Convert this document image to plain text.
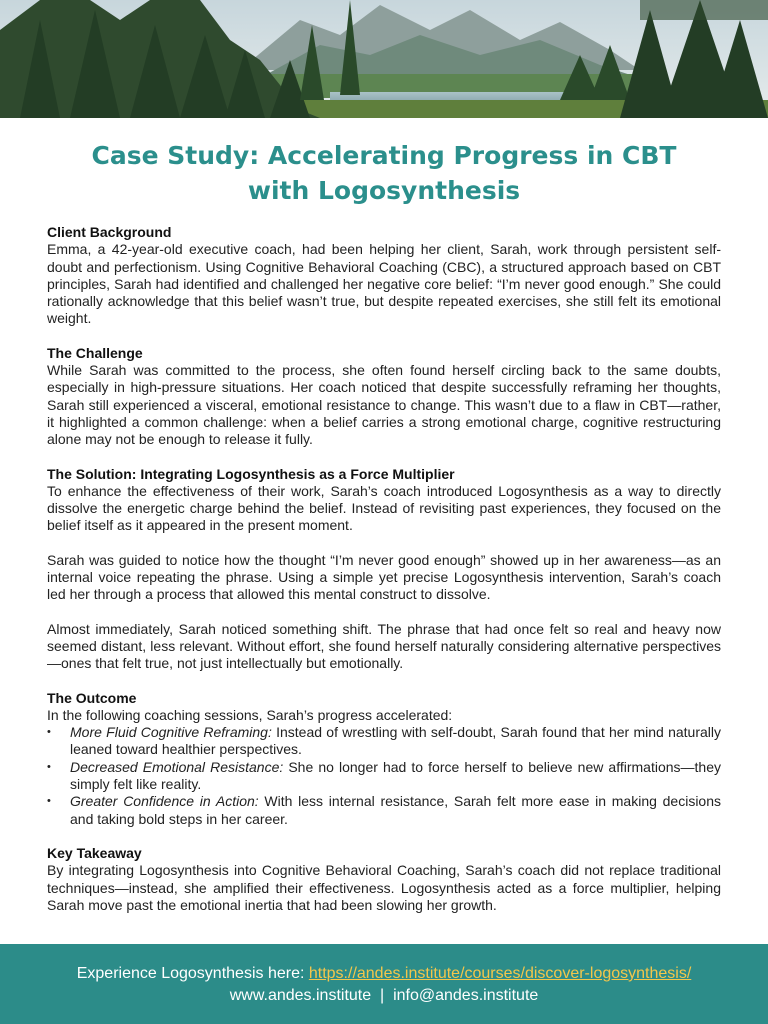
Case Study: Accelerating Progress in CBT
with Logosynthesis
Client Background

Emma, a 42-year-old executive coach, had been helping her client, Sarah, work through persistent self-doubt and perfectionism. Using Cognitive Behavioral Coaching (CBC), a structured approach based on CBT principles, Sarah had identified and challenged her negative core belief: “I’m never good enough.” She could rationally acknowledge that this belief wasn’t true, but despite repeated exercises, she still felt its emotional weight.

The Challenge

While Sarah was committed to the process, she often found herself circling back to the same doubts, especially in high-pressure situations. Her coach noticed that despite successfully reframing her thoughts, Sarah still experienced a visceral, emotional resistance to change. This wasn’t due to a flaw in CBT—rather, it highlighted a common challenge: when a belief carries a strong emotional charge, cognitive restructuring alone may not be enough to release it fully.

The Solution: Integrating Logosynthesis as a Force Multiplier

To enhance the effectiveness of their work, Sarah’s coach introduced Logosynthesis as a way to directly dissolve the energetic charge behind the belief. Instead of revisiting past experiences, they focused on the belief itself as it appeared in the present moment.

Sarah was guided to notice how the thought “I’m never good enough” showed up in her awareness—as an internal voice repeating the phrase. Using a simple yet precise Logosynthesis intervention, Sarah’s coach led her through a process that allowed this mental construct to dissolve.

Almost immediately, Sarah noticed something shift. The phrase that had once felt so real and heavy now seemed distant, less relevant. Without effort, she found herself naturally considering alternative perspectives—ones that felt true, not just intellectually but emotionally.

The Outcome

In the following coaching sessions, Sarah’s progress accelerated:

• More Fluid Cognitive Reframing: Instead of wrestling with self-doubt, Sarah found that her mind naturally leaned toward healthier perspectives.
• Decreased Emotional Resistance: She no longer had to force herself to believe new affirmations—they simply felt like reality.
• Greater Confidence in Action: With less internal resistance, Sarah felt more ease in making decisions and taking bold steps in her career.
Key Takeaway

By integrating Logosynthesis into Cognitive Behavioral Coaching, Sarah’s coach did not replace traditional techniques—instead, she amplified their effectiveness. Logosynthesis acted as a force multiplier, helping Sarah move past the emotional inertia that had been slowing her growth.

Experience Logosynthesis here: https://andes.institute/courses/discover-logosynthesis/
www.andes.institute  |  info@andes.institute
